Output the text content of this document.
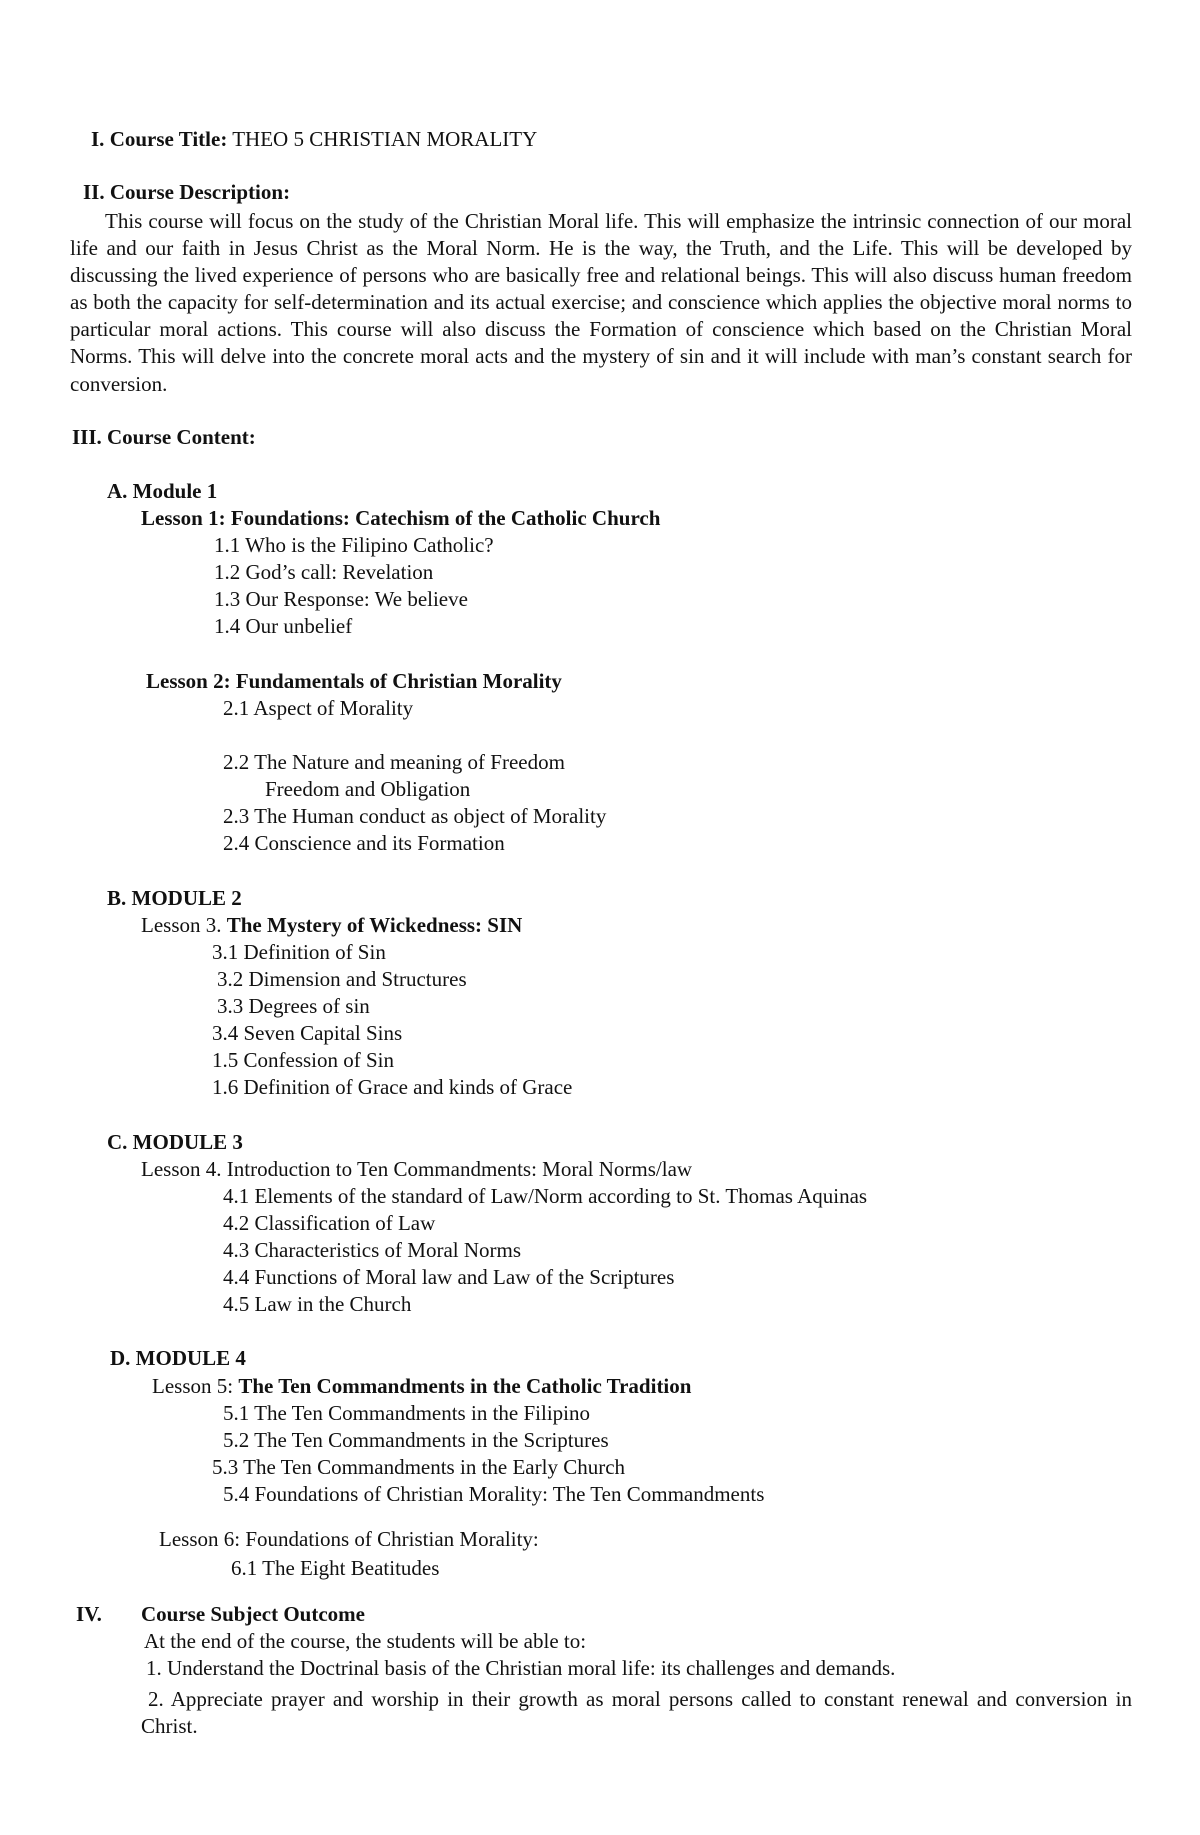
I. Course Title: THEO 5 CHRISTIAN MORALITY
II. Course Description:
This course will focus on the study of the Christian Moral life. This will emphasize the intrinsic connection of our moral life and our faith in Jesus Christ as the Moral Norm. He is the way, the Truth, and the Life. This will be developed by discussing the lived experience of persons who are basically free and relational beings. This will also discuss human freedom as both the capacity for self-determination and its actual exercise; and conscience which applies the objective moral norms to particular moral actions. This course will also discuss the Formation of conscience which based on the Christian Moral Norms. This will delve into the concrete moral acts and the mystery of sin and it will include with man’s constant search for conversion.
III. Course Content:
A. Module 1
Lesson 1: Foundations: Catechism of the Catholic Church
1.1 Who is the Filipino Catholic?
1.2 God’s call: Revelation
1.3 Our Response: We believe
1.4 Our unbelief
Lesson 2: Fundamentals of Christian Morality
2.1 Aspect of Morality
2.2 The Nature and meaning of Freedom
Freedom and Obligation
2.3 The Human conduct as object of Morality
2.4 Conscience and its Formation
B. MODULE 2
Lesson 3. The Mystery of Wickedness: SIN
3.1 Definition of Sin
3.2 Dimension and Structures
3.3 Degrees of sin
3.4 Seven Capital Sins
1.5 Confession of Sin
1.6 Definition of Grace and kinds of Grace
C. MODULE 3
Lesson 4. Introduction to Ten Commandments: Moral Norms/law
4.1 Elements of the standard of Law/Norm according to St. Thomas Aquinas
4.2 Classification of Law
4.3 Characteristics of Moral Norms
4.4 Functions of Moral law and Law of the Scriptures
4.5 Law in the Church
D. MODULE 4
Lesson 5: The Ten Commandments in the Catholic Tradition
5.1 The Ten Commandments in the Filipino
5.2 The Ten Commandments in the Scriptures
5.3 The Ten Commandments in the Early Church
5.4 Foundations of Christian Morality: The Ten Commandments
Lesson 6: Foundations of Christian Morality:
6.1 The Eight Beatitudes
IV. Course Subject Outcome
At the end of the course, the students will be able to:
1. Understand the Doctrinal basis of the Christian moral life: its challenges and demands.
2. Appreciate prayer and worship in their growth as moral persons called to constant renewal and conversion in Christ.
